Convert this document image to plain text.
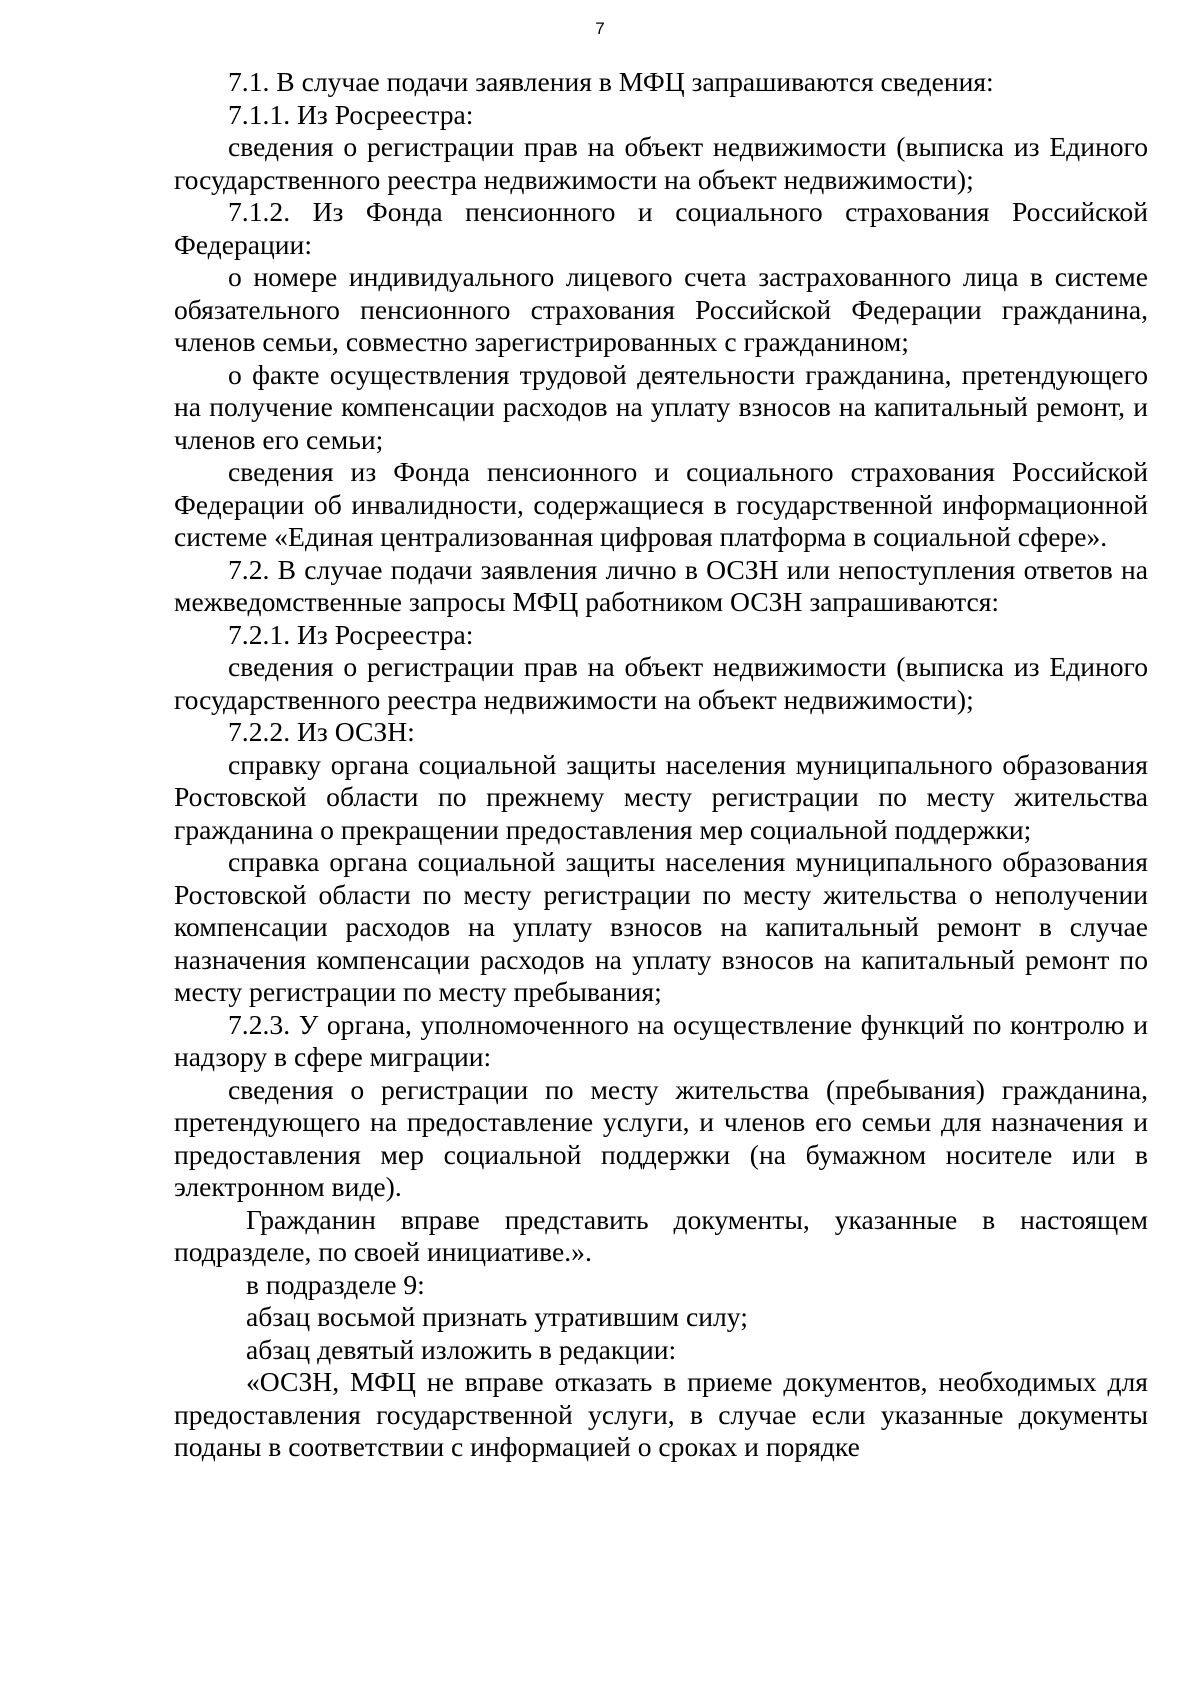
7

7.1. В случае подачи заявления в МФЦ запрашиваются сведения:

7.1.1. Из Росреестра:

сведения о регистрации прав на объект недвижимости (выписка из Единого государственного реестра недвижимости на объект недвижимости);

7.1.2. Из Фонда пенсионного и социального страхования Российской Федерации:

о номере индивидуального лицевого счета застрахованного лица в системе обязательного пенсионного страхования Российской Федерации гражданина, членов семьи, совместно зарегистрированных с гражданином;

о факте осуществления трудовой деятельности гражданина, претендующего на получение компенсации расходов на уплату взносов на капитальный ремонт, и членов его семьи;

сведения из Фонда пенсионного и социального страхования Российской Федерации об инвалидности, содержащиеся в государственной информационной системе «Единая централизованная цифровая платформа в социальной сфере».

7.2. В случае подачи заявления лично в ОСЗН или непоступления ответов на межведомственные запросы МФЦ работником ОСЗН запрашиваются:

7.2.1. Из Росреестра:

сведения о регистрации прав на объект недвижимости (выписка из Единого государственного реестра недвижимости на объект недвижимости);

7.2.2. Из ОСЗН:

справку органа социальной защиты населения муниципального образования Ростовской области по прежнему месту регистрации по месту жительства гражданина о прекращении предоставления мер социальной поддержки;

справка органа социальной защиты населения муниципального образования Ростовской области по месту регистрации по месту жительства о неполучении компенсации расходов на уплату взносов на капитальный ремонт в случае назначения компенсации расходов на уплату взносов на капитальный ремонт по месту регистрации по месту пребывания;

7.2.3. У органа, уполномоченного на осуществление функций по контролю и надзору в сфере миграции:

сведения о регистрации по месту жительства (пребывания) гражданина, претендующего на предоставление услуги, и членов его семьи для назначения и предоставления мер социальной поддержки (на бумажном носителе или в электронном виде).

Гражданин вправе представить документы, указанные в настоящем подразделе, по своей инициативе.».

в подразделе 9:

абзац восьмой признать утратившим силу;

абзац девятый изложить в редакции:

«ОСЗН, МФЦ не вправе отказать в приеме документов, необходимых для предоставления государственной услуги, в случае если указанные документы поданы в соответствии с информацией о сроках и порядке
